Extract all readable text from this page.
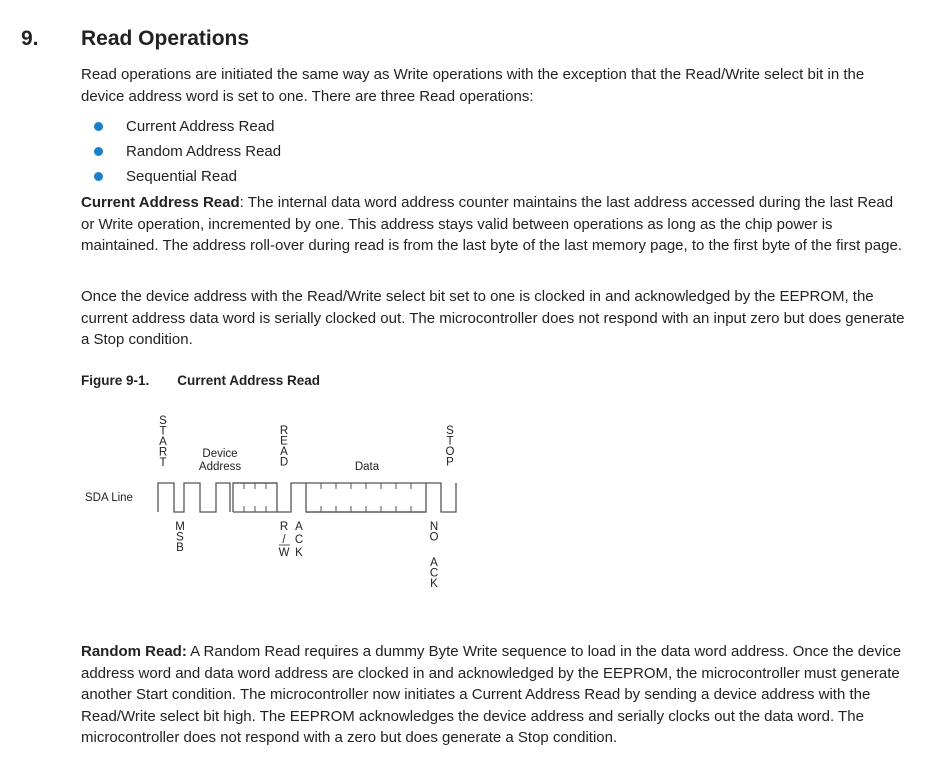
9. Read Operations

Read operations are initiated the same way as Write operations with the exception that the Read/Write select bit in the device address word is set to one. There are three Read operations:

Current Address Read
Random Address Read
Sequential Read

Current Address Read: The internal data word address counter maintains the last address accessed during the last Read or Write operation, incremented by one. This address stays valid between operations as long as the chip power is maintained. The address roll-over during read is from the last byte of the last memory page, to the first byte of the first page.

Once the device address with the Read/Write select bit set to one is clocked in and acknowledged by the EEPROM, the current address data word is serially clocked out. The microcontroller does not respond with an input zero but does generate a Stop condition.

Figure 9-1. Current Address Read
S
T
A
R
T
Device
Address
R
E
A
D	Data
S
T
O
P
SDA Line
M
S
B
R
/
W
A
C
K
N
O
A
C
K

Random Read: A Random Read requires a dummy Byte Write sequence to load in the data word address. Once the device address word and data word address are clocked in and acknowledged by the EEPROM, the microcontroller must generate another Start condition. The microcontroller now initiates a Current Address Read by sending a device address with the Read/Write select bit high. The EEPROM acknowledges the device address and serially clocks out the data word. The microcontroller does not respond with a zero but does generate a Stop condition.
